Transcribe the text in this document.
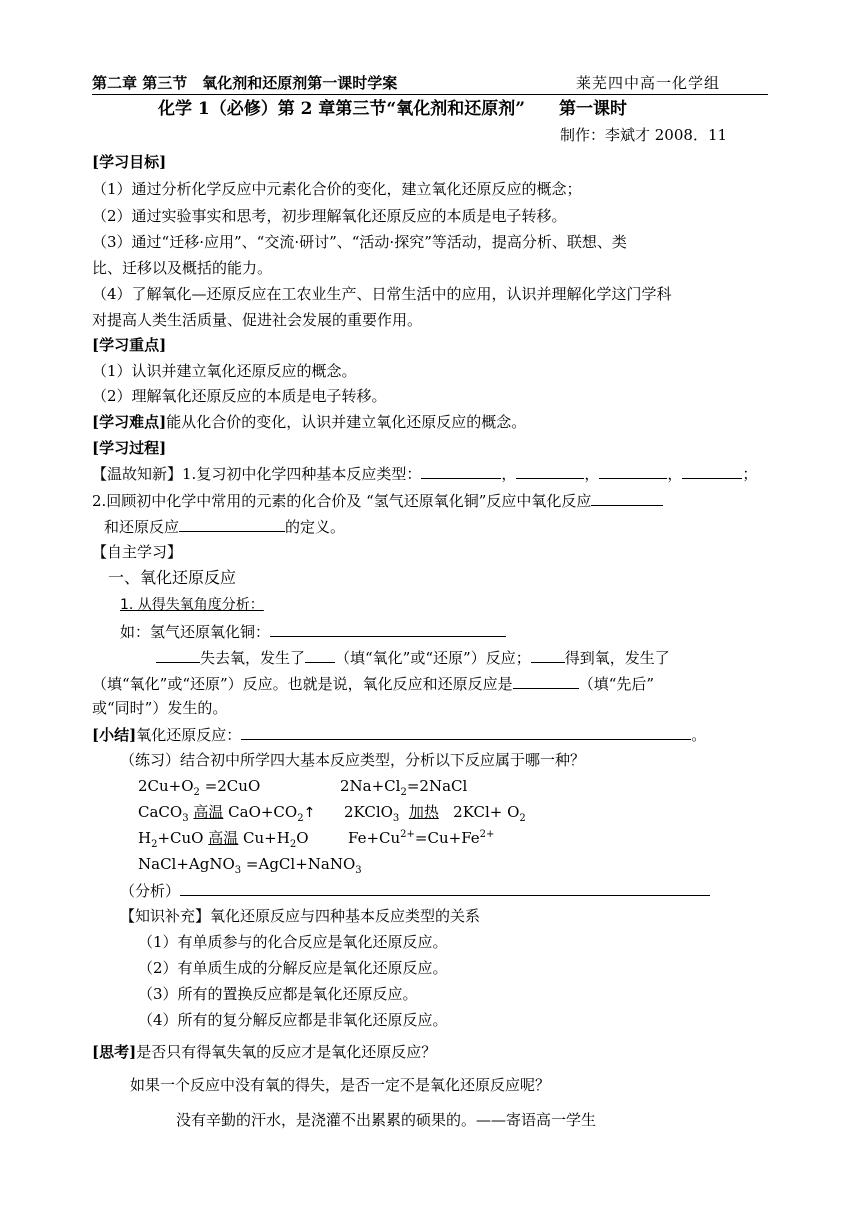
第二章 第三节　氧化剂和还原剂第一课时学案	莱芜四中高一化学组
化学 1（必修）第 2 章第三节“氧化剂和还原剂”　　第一课时
制作：李斌才 2008．11
[学习目标]
（1）通过分析化学反应中元素化合价的变化，建立氧化还原反应的概念；
（2）通过实验事实和思考，初步理解氧化还原反应的本质是电子转移。
（3）通过“迁移·应用”、“交流·研讨”、“活动·探究”等活动，提高分析、联想、类
比、迁移以及概括的能力。
（4）了解氧化—还原反应在工农业生产、日常生活中的应用，认识并理解化学这门学科
对提高人类生活质量、促进社会发展的重要作用。
[学习重点]
（1）认识并建立氧化还原反应的概念。
（2）理解氧化还原反应的本质是电子转移。
[学习难点]能从化合价的变化，认识并建立氧化还原反应的概念。
[学习过程]
【温故知新】1.复习初中化学四种基本反应类型：	，	，	，	；
2.回顾初中化学中常用的元素的化合价及 “氢气还原氧化铜”反应中氧化反应
和还原反应	的定义。
【自主学习】
一、氧化还原反应
1. 从得失氧角度分析：
如：氢气还原氧化铜：
失去氧，发生了 （填“氧化”或“还原”）反应； 得到氧，发生了
（填“氧化”或“还原”）反应。也就是说，氧化反应和还原反应是	（填“先后”
或“同时”）发生的。
[小结]氧化还原反应：	。
（练习）结合初中所学四大基本反应类型，分析以下反应属于哪一种？
$2Cu+O_2 =2CuO$	$2Na+Cl_2=2NaCl$
CaCO$_3$ 高温 $CaO+CO_2↑$ 2KClO$_3$ 加热   $2KCl+ O_2$
$H_2+CuO$ 高温 $Cu+H_2O$	$Fe+Cu^{2+}=Cu+Fe^{2+}$
NaCl+AgNO$_3$ =AgCl+NaNO$_3$
（分析）
【知识补充】氧化还原反应与四种基本反应类型的关系
（1）有单质参与的化合反应是氧化还原反应。
（2）有单质生成的分解反应是氧化还原反应。
（3）所有的置换反应都是氧化还原反应。
（4）所有的复分解反应都是非氧化还原反应。
[思考]是否只有得氧失氧的反应才是氧化还原反应？
如果一个反应中没有氧的得失，是否一定不是氧化还原反应呢？
没有辛勤的汗水，是浇灌不出累累的硕果的。——寄语高一学生
